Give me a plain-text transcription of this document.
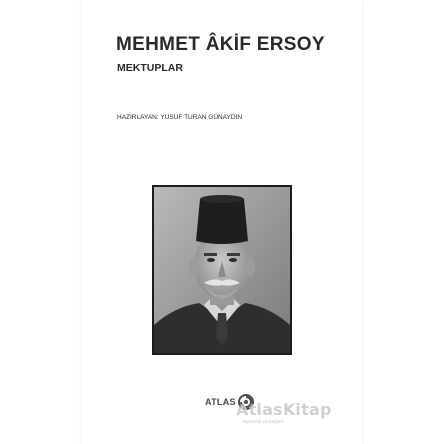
MEHMET ÂKİF ERSOY
MEKTUPLAR
HAZIRLAYAN: YUSUF TURAN GÜNAYDIN
ATLAS AtlasKitap
Yayıncılık ve Dağıtım
